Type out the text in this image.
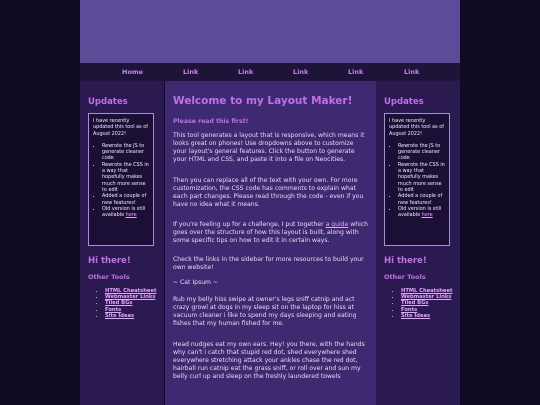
Home	Link	Link	Link	Link	Link
Updates

I have recently updated this tool as of August 2022!

• Rewrote the JS to generate cleaner code
• Rewrote the CSS in a way that hopefully makes much more sense to edit
• Added a couple of new features!
• Old version is still available here
Hi there!
Other Tools
• HTML Cheatsheet
• Webmaster Links
• Tiled BGs
• Fonts
• Site Ideas
Welcome to my Layout Maker!
Please read this first!

This tool generates a layout that is responsive, which means it looks great on phones! Use dropdowns above to customize your layout's general features. Click the button to generate your HTML and CSS, and paste it into a file on Neocities.

Then you can replace all of the text with your own. For more customization, the CSS code has comments to explain what each part changes. Please read through the code - even if you have no idea what it means.

If you're feeling up for a challenge, I put together a guide which goes over the structure of how this layout is built, along with some specific tips on how to edit it in certain ways.

Check the links in the sidebar for more resources to build your own website!

~ Cat Ipsum ~

Rub my belly hiss swipe at owner's legs sniff catnip and act crazy growl at dogs in my sleep sit on the laptop for hiss at vacuum cleaner i like to spend my days sleeping and eating fishes that my human fished for me.

Head nudges eat my own ears. Hey! you there, with the hands why can't i catch that stupid red dot, shed everywhere shed everywhere stretching attack your ankles chase the red dot, hairball run catnip eat the grass sniff, or roll over and sun my belly curl up and sleep on the freshly laundered towels

Updates

I have recently updated this tool as of August 2022!

• Rewrote the JS to generate cleaner code
• Rewrote the CSS in a way that hopefully makes much more sense to edit
• Added a couple of new features!
• Old version is still available here
Hi there!
Other Tools
• HTML Cheatsheet
• Webmaster Links
• Tiled BGs
• Fonts
• Site Ideas
